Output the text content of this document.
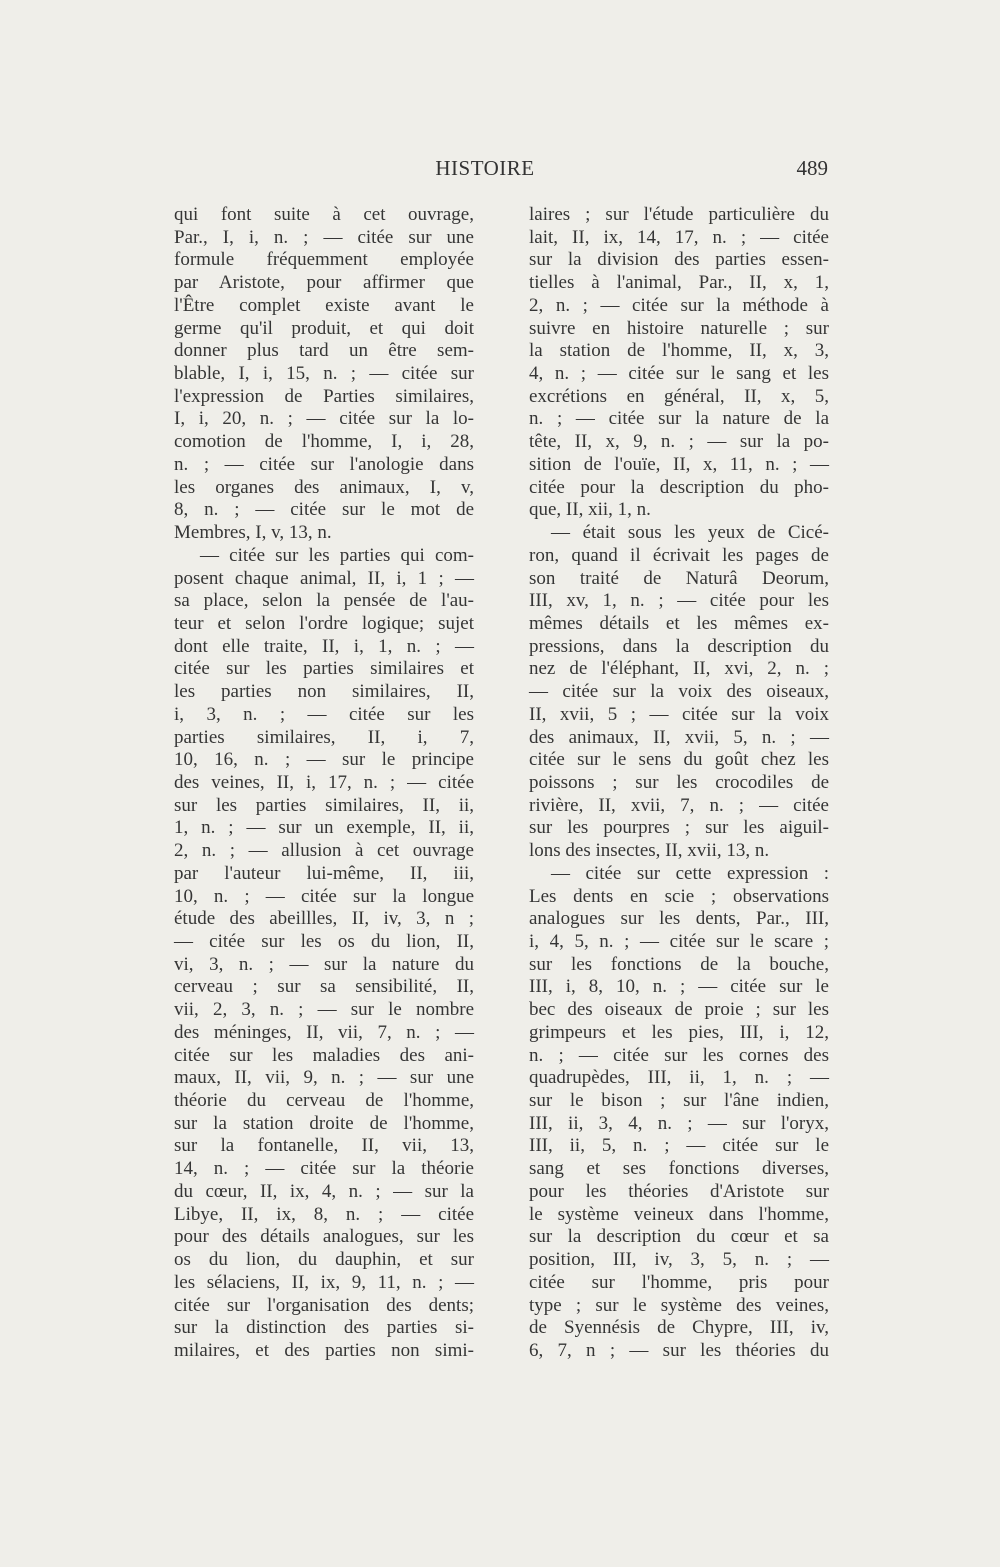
HISTOIRE	489
qui font suite à cet ouvrage,
Par., I, i, n. ; — citée sur une
formule fréquemment employée
par Aristote, pour affirmer que
l'Être complet existe avant le
germe qu'il produit, et qui doit
donner plus tard un être sem-
blable, I, i, 15, n. ; — citée sur
l'expression de Parties similaires,
I, i, 20, n. ; — citée sur la lo-
comotion de l'homme, I, i, 28,
n. ; — citée sur l'anologie dans
les organes des animaux, I, v,
8, n. ; — citée sur le mot de
Membres, I, v, 13, n.
— citée sur les parties qui com-
posent chaque animal, II, i, 1 ; —
sa place, selon la pensée de l'au-
teur et selon l'ordre logique; sujet
dont elle traite, II, i, 1, n. ; —
citée sur les parties similaires et
les parties non similaires, II,
i, 3, n. ; — citée sur les
parties similaires, II, i, 7,
10, 16, n. ; — sur le principe
des veines, II, i, 17, n. ; — citée
sur les parties similaires, II, ii,
1, n. ; — sur un exemple, II, ii,
2, n. ; — allusion à cet ouvrage
par l'auteur lui-même, II, iii,
10, n. ; — citée sur la longue
étude des abeillles, II, iv, 3, n ;
— citée sur les os du lion, II,
vi, 3, n. ; — sur la nature du
cerveau ; sur sa sensibilité, II,
vii, 2, 3, n. ; — sur le nombre
des méninges, II, vii, 7, n. ; —
citée sur les maladies des ani-
maux, II, vii, 9, n. ; — sur une
théorie du cerveau de l'homme,
sur la station droite de l'homme,
sur la fontanelle, II, vii, 13,
14, n. ; — citée sur la théorie
du cœur, II, ix, 4, n. ; — sur la
Libye, II, ix, 8, n. ; — citée
pour des détails analogues, sur les
os du lion, du dauphin, et sur
les sélaciens, II, ix, 9, 11, n. ; —
citée sur l'organisation des dents;
sur la distinction des parties si-
milaires, et des parties non simi-
laires ; sur l'étude particulière du
lait, II, ix, 14, 17, n. ; — citée
sur la division des parties essen-
tielles à l'animal, Par., II, x, 1,
2, n. ; — citée sur la méthode à
suivre en histoire naturelle ; sur
la station de l'homme, II, x, 3,
4, n. ; — citée sur le sang et les
excrétions en général, II, x, 5,
n. ; — citée sur la nature de la
tête, II, x, 9, n. ; — sur la po-
sition de l'ouïe, II, x, 11, n. ; —
citée pour la description du pho-
que, II, xii, 1, n.
— était sous les yeux de Cicé-
ron, quand il écrivait les pages de
son traité de Naturâ Deorum,
III, xv, 1, n. ; — citée pour les
mêmes détails et les mêmes ex-
pressions, dans la description du
nez de l'éléphant, II, xvi, 2, n. ;
— citée sur la voix des oiseaux,
II, xvii, 5 ; — citée sur la voix
des animaux, II, xvii, 5, n. ; —
citée sur le sens du goût chez les
poissons ; sur les crocodiles de
rivière, II, xvii, 7, n. ; — citée
sur les pourpres ; sur les aiguil-
lons des insectes, II, xvii, 13, n.
— citée sur cette expression :
Les dents en scie ; observations
analogues sur les dents, Par., III,
i, 4, 5, n. ; — citée sur le scare ;
sur les fonctions de la bouche,
III, i, 8, 10, n. ; — citée sur le
bec des oiseaux de proie ; sur les
grimpeurs et les pies, III, i, 12,
n. ; — citée sur les cornes des
quadrupèdes, III, ii, 1, n. ; —
sur le bison ; sur l'âne indien,
III, ii, 3, 4, n. ; — sur l'oryx,
III, ii, 5, n. ; — citée sur le
sang et ses fonctions diverses,
pour les théories d'Aristote sur
le système veineux dans l'homme,
sur la description du cœur et sa
position, III, iv, 3, 5, n. ; —
citée sur l'homme, pris pour
type ; sur le système des veines,
de Syennésis de Chypre, III, iv,
6, 7, n ; — sur les théories du
